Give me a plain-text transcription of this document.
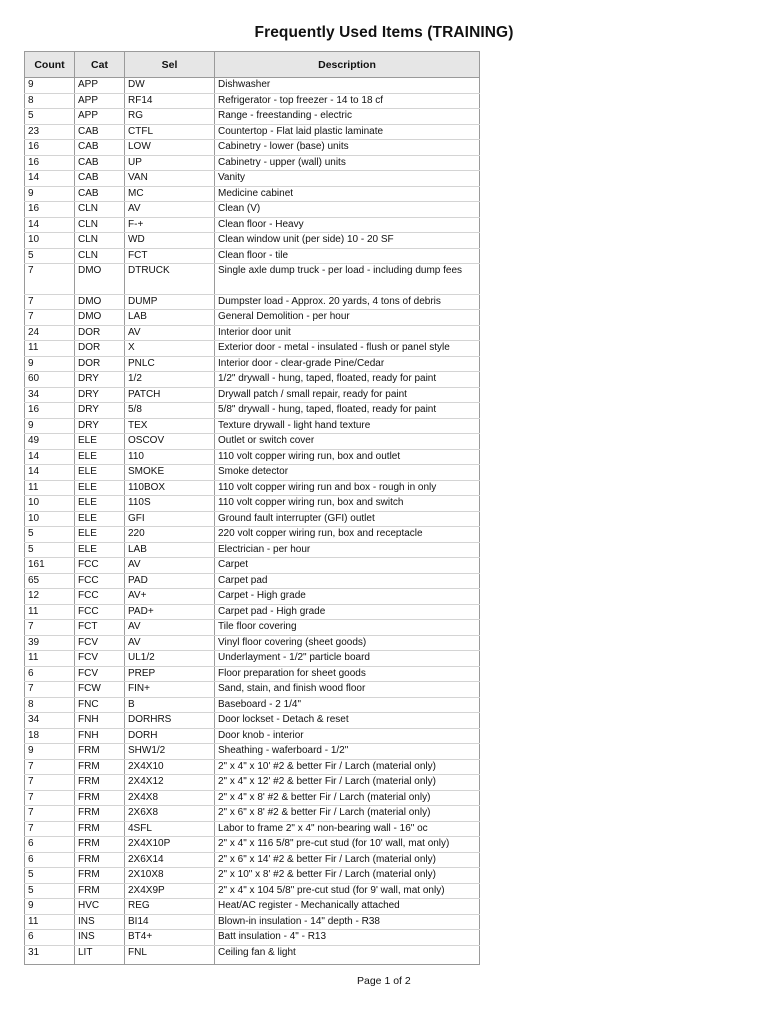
Frequently Used Items (TRAINING)
Count	Cat	Sel	Description
9	APP	DW	Dishwasher
8	APP	RF14	Refrigerator - top freezer - 14 to 18 cf
5	APP	RG	Range - freestanding - electric
23	CAB	CTFL	Countertop - Flat laid plastic laminate
16	CAB	LOW	Cabinetry - lower (base) units
16	CAB	UP	Cabinetry - upper (wall) units
14	CAB	VAN	Vanity
9	CAB	MC	Medicine cabinet
16	CLN	AV	Clean (V)
14	CLN	F-+	Clean floor - Heavy
10	CLN	WD	Clean window unit (per side) 10 - 20 SF
5	CLN	FCT	Clean floor - tile
7	DMO	DTRUCK	Single axle dump truck - per load - including dump fees
7	DMO	DUMP	Dumpster load - Approx. 20 yards, 4 tons of debris
7	DMO	LAB	General Demolition - per hour
24	DOR	AV	Interior door unit
11	DOR	X	Exterior door - metal - insulated - flush or panel style
9	DOR	PNLC	Interior door - clear-grade Pine/Cedar
60	DRY	1/2	1/2" drywall - hung, taped, floated, ready for paint
34	DRY	PATCH	Drywall patch / small repair, ready for paint
16	DRY	5/8	5/8" drywall - hung, taped, floated, ready for paint
9	DRY	TEX	Texture drywall - light hand texture
49	ELE	OSCOV	Outlet or switch cover
14	ELE	110	110 volt copper wiring run, box and outlet
14	ELE	SMOKE	Smoke detector
11	ELE	110BOX	110 volt copper wiring run and box - rough in only
10	ELE	110S	110 volt copper wiring run, box and switch
10	ELE	GFI	Ground fault interrupter (GFI) outlet
5	ELE	220	220 volt copper wiring run, box and receptacle
5	ELE	LAB	Electrician - per hour
161	FCC	AV	Carpet
65	FCC	PAD	Carpet pad
12	FCC	AV+	Carpet - High grade
11	FCC	PAD+	Carpet pad - High grade
7	FCT	AV	Tile floor covering
39	FCV	AV	Vinyl floor covering (sheet goods)
11	FCV	UL1/2	Underlayment - 1/2" particle board
6	FCV	PREP	Floor preparation for sheet goods
7	FCW	FIN+	Sand, stain, and finish wood floor
8	FNC	B	Baseboard - 2 1/4"
34	FNH	DORHRS	Door lockset - Detach & reset
18	FNH	DORH	Door knob - interior
9	FRM	SHW1/2	Sheathing - waferboard - 1/2"
7	FRM	2X4X10	2" x 4" x 10' #2 & better Fir / Larch (material only)
7	FRM	2X4X12	2" x 4" x 12' #2 & better Fir / Larch (material only)
7	FRM	2X4X8	2" x 4" x 8' #2 & better Fir / Larch (material only)
7	FRM	2X6X8	2" x 6" x 8' #2 & better Fir / Larch (material only)
7	FRM	4SFL	Labor to frame 2" x 4" non-bearing wall - 16" oc
6	FRM	2X4X10P	2" x 4" x 116 5/8" pre-cut stud (for 10' wall, mat only)
6	FRM	2X6X14	2" x 6" x 14' #2 & better Fir / Larch (material only)
5	FRM	2X10X8	2" x 10" x 8' #2 & better Fir / Larch (material only)
5	FRM	2X4X9P	2" x 4" x 104 5/8" pre-cut stud (for 9' wall, mat only)
9	HVC	REG	Heat/AC register - Mechanically attached
11	INS	BI14	Blown-in insulation - 14" depth - R38
6	INS	BT4+	Batt insulation - 4" - R13
31	LIT	FNL	Ceiling fan & light
Page 1 of 2
